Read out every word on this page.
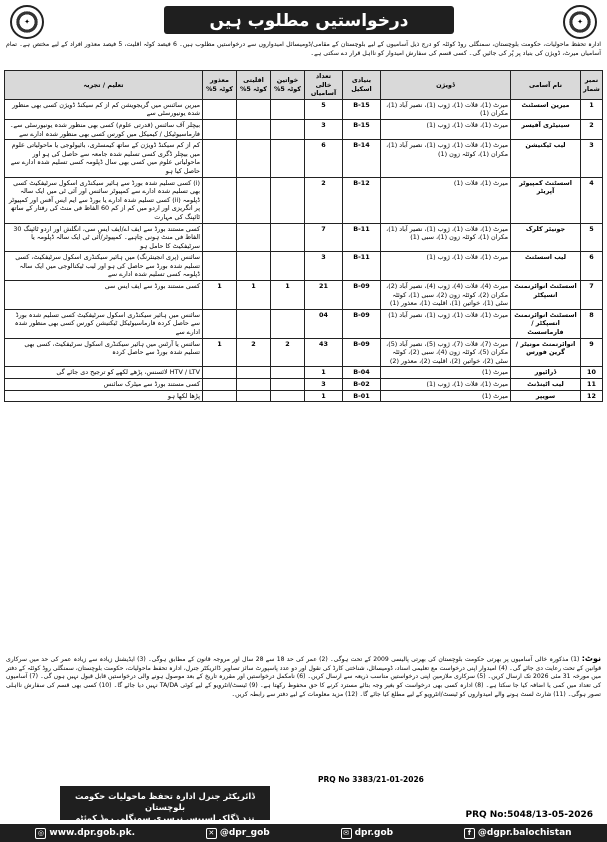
✦	درخواستیں مطلوب ہیں	✦
ادارہ تحفظ ماحولیات، حکومت بلوچستان، سمنگلی روڈ کوئٹہ کو درج ذیل آسامیوں کے لیے بلوچستان کے مقامی/ڈومیسائل امیدواروں سے درخواستیں مطلوب ہیں۔ 6 فیصد کوٹہ اقلیت، 5 فیصد معذور افراد کے لیے مختص ہے۔ تمام آسامیاں میرٹ، ڈویژن کی بنیاد پر پُر کی جائیں گی۔ کسی قسم کی سفارش امیدوار کو نااہل قرار دے سکتی ہے۔
نمبر شمار	نام آسامی	ڈویژن	بنیادی اسکیل	تعداد خالی آسامیاں	خواتین کوٹہ 5%	اقلیتی کوٹہ 5%	معذور کوٹہ 5%	تعلیم / تجربہ
1	میرین اسسٹنٹ	میرٹ (1)، قلات (1)، ژوب (1)، نصیر آباد (1)، مکران (1)	B-15	5				میرین سائنس میں گریجویشن کم از کم سیکنڈ ڈویژن کسی بھی منظور شدہ یونیورسٹی سے
2	سینیٹری آفیسر	میرٹ (1)، قلات (1)، ژوب (1)	B-15	3				بیچلر آف سائنس (قدرتی علوم) کسی بھی منظور شدہ یونیورسٹی سے۔ فارماسیوٹیکل / کیمیکل میں کورس کسی بھی منظور شدہ ادارے سے
3	لیب ٹیکنیشن	میرٹ (1)، قلات (1)، ژوب (1)، نصیر آباد (1)، مکران (1)، کوئٹہ زون (1)	B-14	6				کم از کم سیکنڈ ڈویژن کے ساتھ کیمسٹری، بائیولوجی یا ماحولیاتی علوم میں بیچلر ڈگری کسی تسلیم شدہ جامعہ سے حاصل کی ہو اور ماحولیاتی علوم میں کسی بھی سال ڈپلومہ کسی تسلیم شدہ ادارے سے حاصل کیا ہو
4	اسسٹنٹ کمپیوٹر آپریٹر	میرٹ (1)، قلات (1)	B-12	2				(i) کسی تسلیم شدہ بورڈ سے ہائیر سیکنڈری اسکول سرٹیفکیٹ کسی بھی تسلیم شدہ ادارے سے کمپیوٹر سائنس اور آئی ٹی میں ایک سالہ ڈپلومہ (ii) کسی تسلیم شدہ ادارے یا بورڈ سے ایم ایس آفس اور کمپیوٹر پر انگریزی اور اردو میں کم از کم 60 الفاظ فی منٹ کی رفتار کے ساتھ ٹائپنگ کی مہارت
5	جونیئر کلرک	میرٹ (1)، قلات (1)، ژوب (1)، نصیر آباد (1)، مکران (1)، کوئٹہ زون (1)، سبی (1)	B-11	7				کسی مستند بورڈ سے ایف اے/ایف ایس سی، انگلش اور اردو ٹائپنگ 30 الفاظ فی منٹ ہونی چاہیے۔ کمپیوٹر/آئی ٹی ایک سالہ ڈپلومہ یا سرٹیفکیٹ کا حامل ہو
6	لیب اسسٹنٹ	میرٹ (1)، قلات (1)، ژوب (1)	B-11	3				سائنس (پری انجینئرنگ) میں ہائیر سیکنڈری اسکول سرٹیفکیٹ، کسی تسلیم شدہ بورڈ سے حاصل کی ہو اور لیب ٹیکنالوجی میں ایک سالہ ڈپلومہ کسی تسلیم شدہ ادارے سے
7	اسسٹنٹ انوائرنمنٹ انسپکٹر	میرٹ (4)، قلات (4)، ژوب (4)، نصیر آباد (2)، مکران (2)، کوئٹہ زون (2)، سبی (1)، کوئٹہ سٹی (1)، خواتین (1)، اقلیت (1)، معذور (1)	B-09	21	1	1	1	کسی مستند بورڈ سے ایف ایس سی
8	اسسٹنٹ انوائرنمنٹ انسپکٹر / فارماسسٹ	میرٹ (1)، قلات (1)، ژوب (1)، نصیر آباد (1)	B-09	04				سائنس میں ہائیر سیکنڈری اسکول سرٹیفکیٹ کسی تسلیم شدہ بورڈ سے حاصل کردہ فارماسیوٹیکل ٹیکنیشن کورس کسی بھی منظور شدہ ادارے سے
9	انوائرنمنٹ مونیٹر / گرین فورس	میرٹ (7)، قلات (7)، ژوب (5)، نصیر آباد (5)، مکران (5)، کوئٹہ زون (4)، سبی (2)، کوئٹہ سٹی (2)، خواتین (2)، اقلیت (2)، معذور (2)	B-09	43	2	2	1	سائنس یا آرٹس میں ہائیر سیکنڈری اسکول سرٹیفکیٹ، کسی بھی تسلیم شدہ بورڈ سے حاصل کردہ
10	ڈرائیور	میرٹ (1)	B-04	1				HTV / LTV لائسنس، پڑھے لکھے کو ترجیح دی جائے گی
11	لیب اٹینڈنٹ	میرٹ (1)، قلات (1)، ژوب (1)	B-02	3				کسی مستند بورڈ سے میٹرک سائنس
12	سویپر	میرٹ (1)	B-01	1				پڑھا لکھا ہو
نوٹ: (1) مذکورہ خالی آسامیوں پر بھرتی حکومت بلوچستان کی بھرتی پالیسی 2009 کے تحت ہوگی۔ (2) عمر کی حد 18 سے 28 سال اور مروجہ قانون کے مطابق ہوگی۔ (3) ایڈیشنل زیادہ سے زیادہ عمر کی حد میں سرکاری قوانین کے تحت رعایت دی جائے گی۔ (4) امیدوار اپنی درخواست مع تعلیمی اسناد، ڈومیسائل، شناختی کارڈ کی نقول اور دو عدد پاسپورٹ سائز تصاویر ڈائریکٹر جنرل، ادارہ تحفظ ماحولیات، حکومت بلوچستان، سمنگلی روڈ کوئٹہ کے دفتر میں مورخہ 31 مئی 2026 تک ارسال کریں۔ (5) سرکاری ملازمین اپنی درخواستیں مناسب ذریعہ سے ارسال کریں۔ (6) نامکمل درخواستیں اور مقررہ تاریخ کے بعد موصول ہونے والی درخواستیں قابل قبول نہیں ہوں گی۔ (7) آسامیوں کی تعداد میں کمی یا اضافہ کیا جا سکتا ہے۔ (8) ادارہ کسی بھی درخواست کو بغیر وجہ بتائے مسترد کرنے کا حق محفوظ رکھتا ہے۔ (9) ٹیسٹ/انٹرویو کے لیے کوئی TA/DA نہیں دیا جائے گا۔ (10) کسی بھی قسم کی سفارش نااہلی تصور ہوگی۔ (11) شارٹ لسٹ ہونے والے امیدواروں کو ٹیسٹ/انٹرویو کے لیے مطلع کیا جائے گا۔ (12) مزید معلومات کے لیے دفتر سے رابطہ کریں۔
PRQ No 3383/21-01-2026
ڈائریکٹر جنرل ادارہ تحفظ ماحولیات حکومت بلوچستان
نزد ڈگاک اسپیس نرسری سمنگلی روڈ کوئٹہ	PRQ No:5048/13-05-2026
◎ www.dpr.gob.pk.	✕ @dpr_gob	✉ dpr.gob	f @dgpr.balochistan
